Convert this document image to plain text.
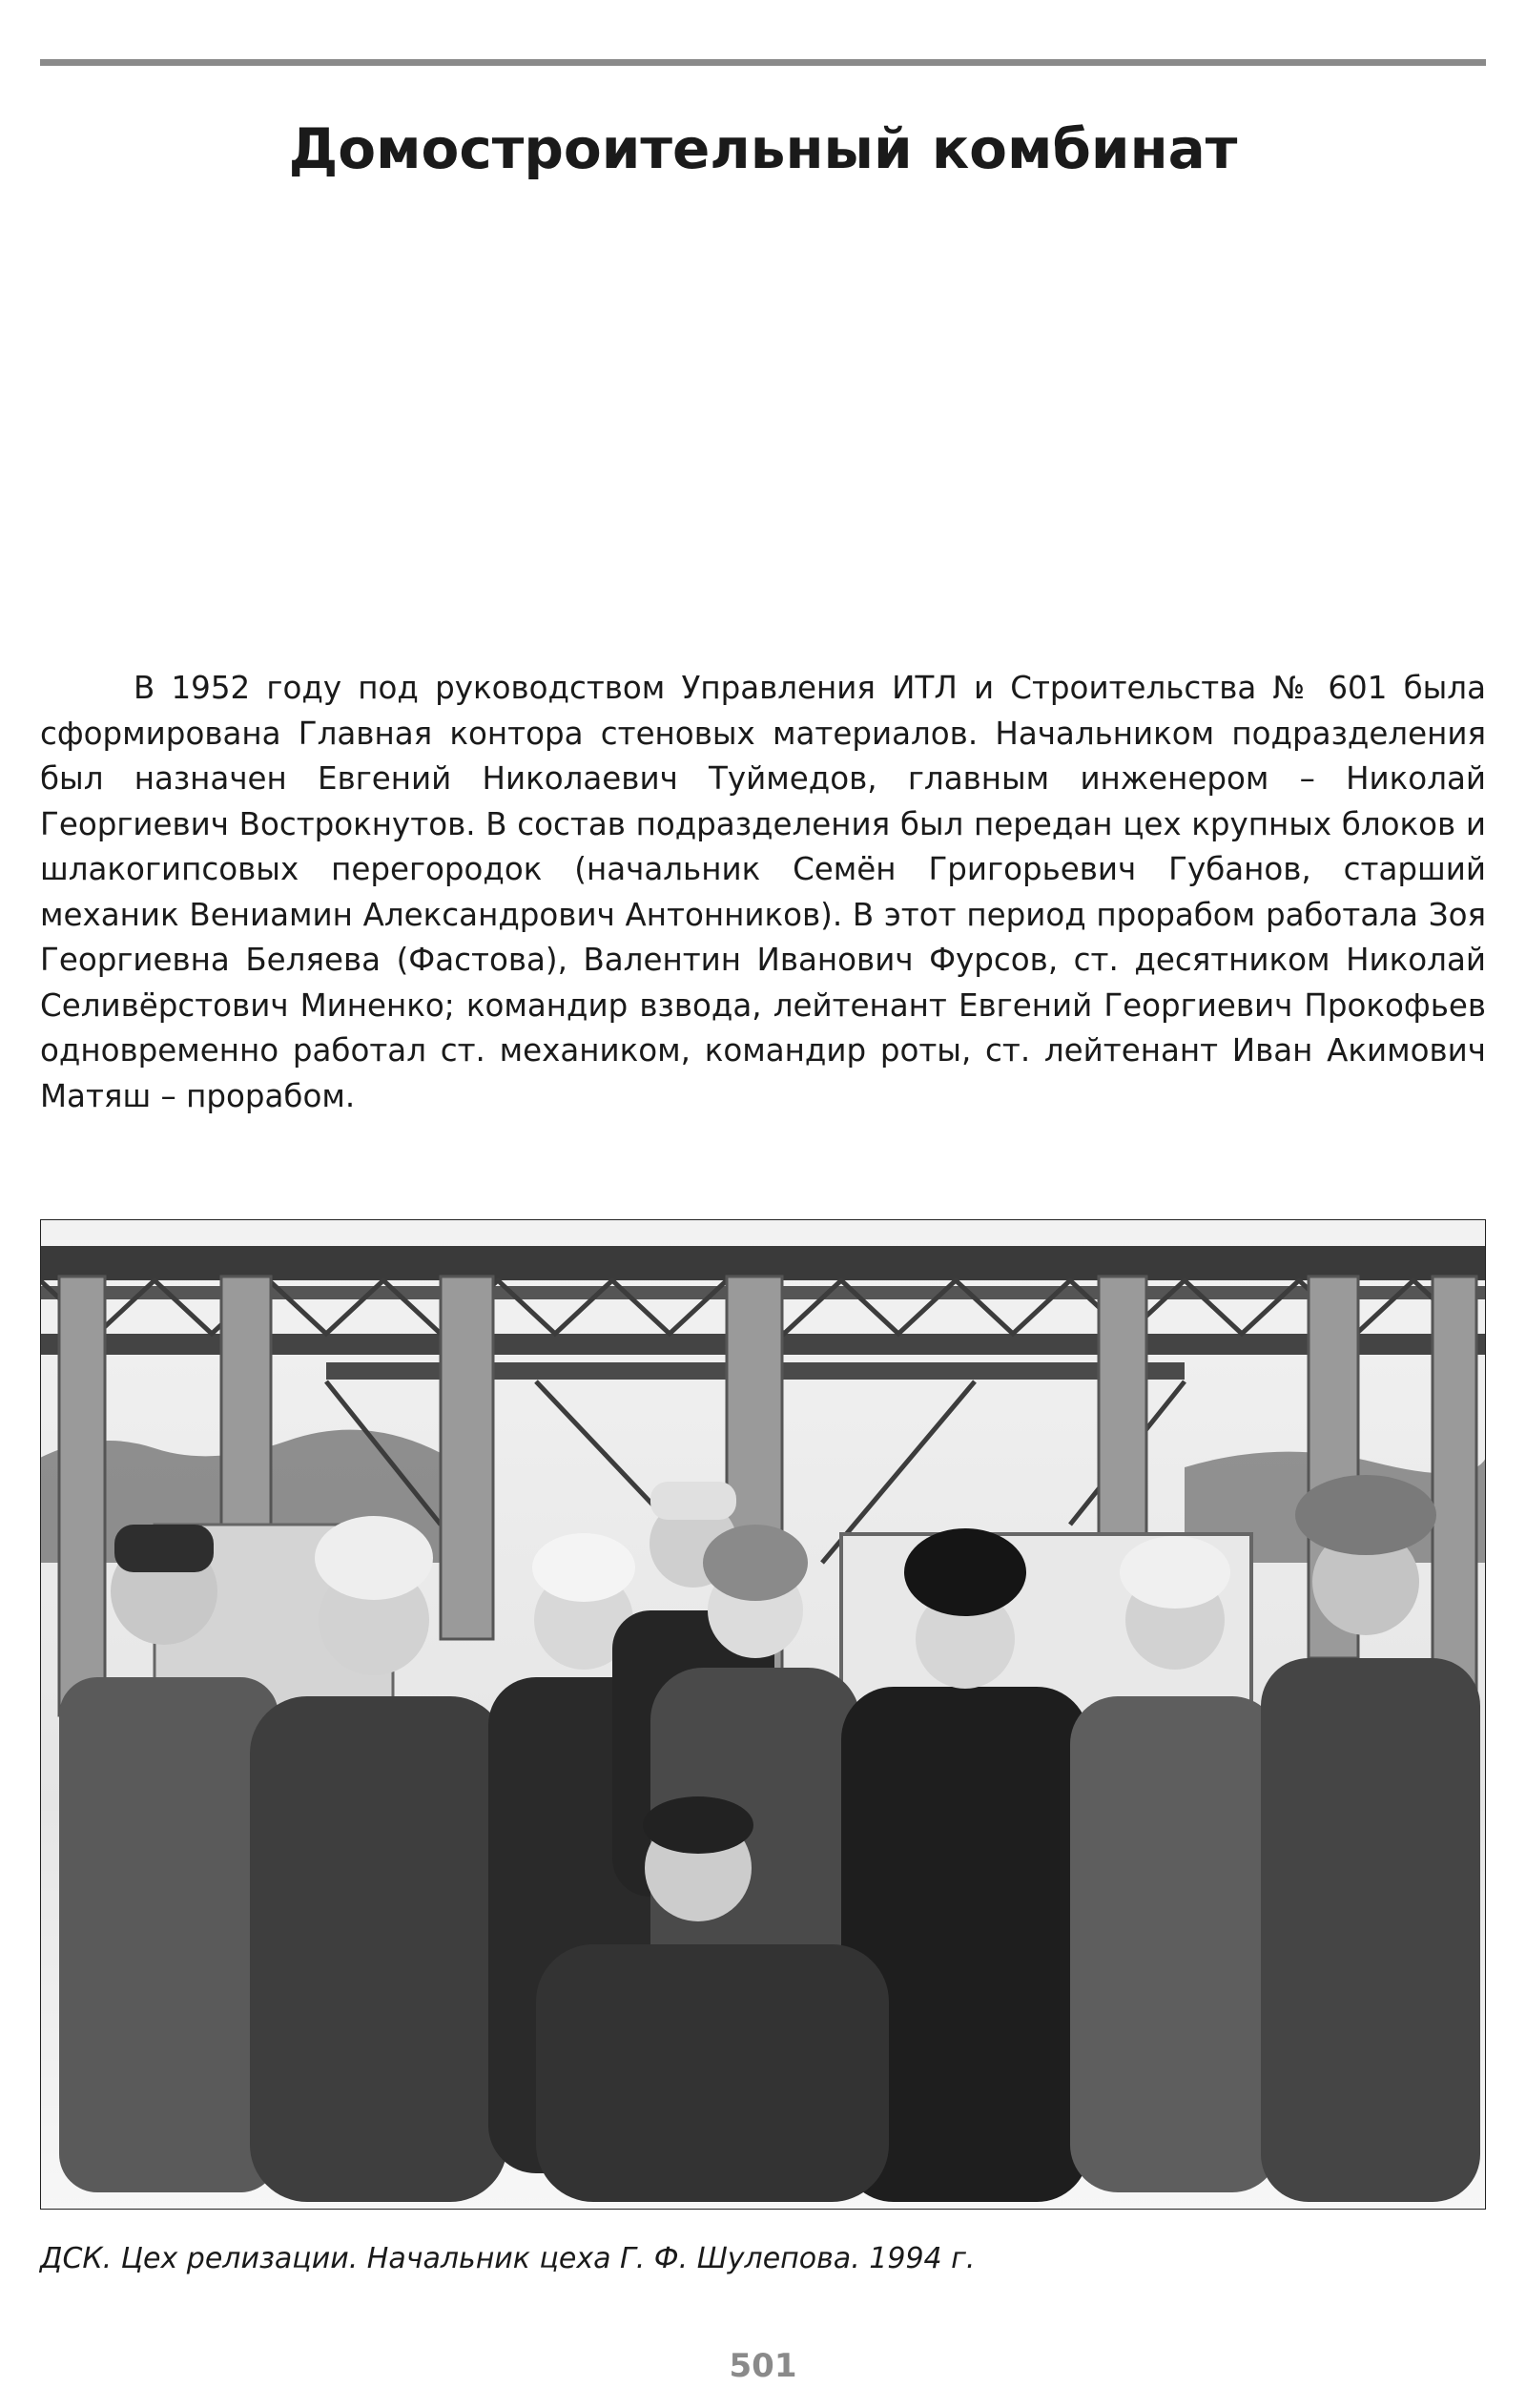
Домостроительный комбинат

В 1952 году под руководством Управления ИТЛ и Строительства № 601 была сформирована Главная контора стеновых материалов. Начальником подразделения был назначен Евгений Николаевич Туймедов, главным инженером – Николай Георгиевич Вострокнутов. В состав подразделения был передан цех крупных блоков и шлакогипсовых перегородок (начальник Семён Григорьевич Губанов, старший механик Вениамин Александрович Антонников). В этот период прорабом работала Зоя Георгиевна Беляева (Фастова), Валентин Иванович Фурсов, ст. десятником Николай Селивёрстович Миненко; командир взвода, лейтенант Евгений Георгиевич Прокофьев одновременно работал ст. механиком, командир роты, ст. лейтенант Иван Акимович Матяш – прорабом.

ДСК. Цех релизации. Начальник цеха Г. Ф. Шулепова. 1994 г.

501
